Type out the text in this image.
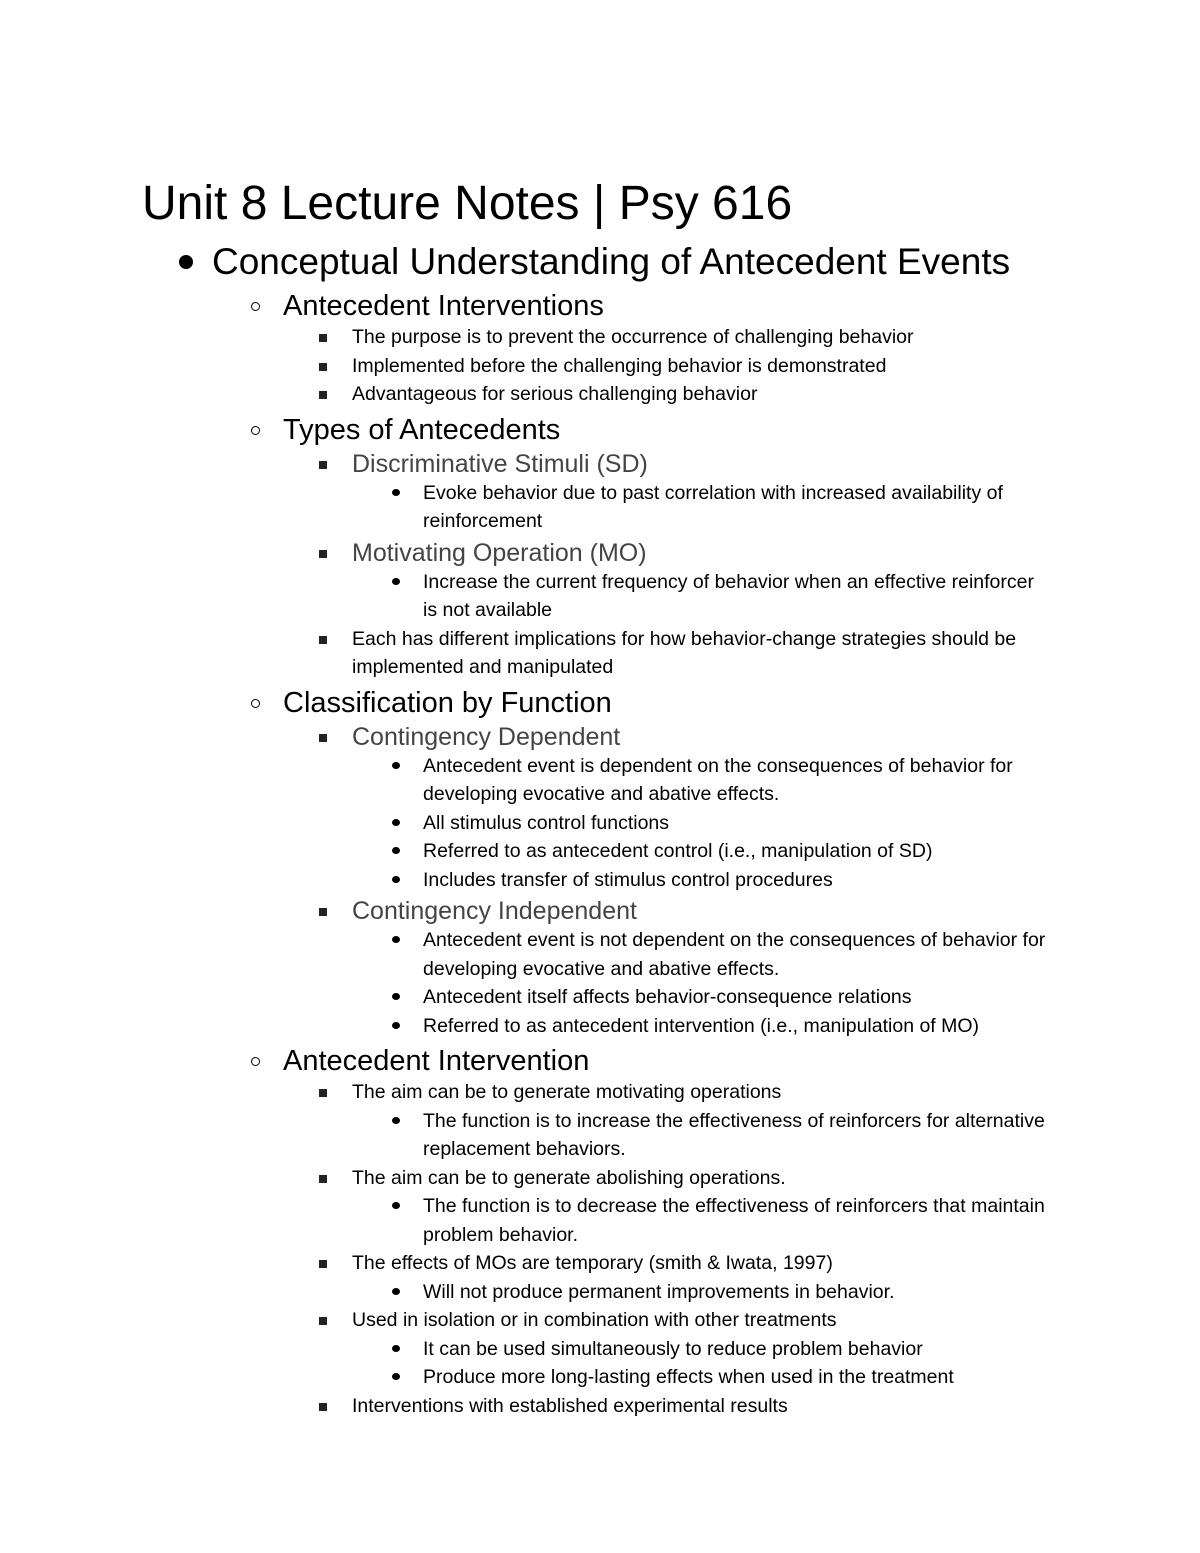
Unit 8 Lecture Notes | Psy 616
Conceptual Understanding of Antecedent Events
Antecedent Interventions
The purpose is to prevent the occurrence of challenging behavior
Implemented before the challenging behavior is demonstrated
Advantageous for serious challenging behavior
Types of Antecedents
Discriminative Stimuli (SD)
Evoke behavior due to past correlation with increased availability of reinforcement
Motivating Operation (MO)
Increase the current frequency of behavior when an effective reinforcer is not available
Each has different implications for how behavior-change strategies should be implemented and manipulated
Classification by Function
Contingency Dependent
Antecedent event is dependent on the consequences of behavior for developing evocative and abative effects.
All stimulus control functions
Referred to as antecedent control (i.e., manipulation of SD)
Includes transfer of stimulus control procedures
Contingency Independent
Antecedent event is not dependent on the consequences of behavior for developing evocative and abative effects.
Antecedent itself affects behavior-consequence relations
Referred to as antecedent intervention (i.e., manipulation of MO)
Antecedent Intervention
The aim can be to generate motivating operations
The function is to increase the effectiveness of reinforcers for alternative replacement behaviors.
The aim can be to generate abolishing operations.
The function is to decrease the effectiveness of reinforcers that maintain problem behavior.
The effects of MOs are temporary (smith & Iwata, 1997)
Will not produce permanent improvements in behavior.
Used in isolation or in combination with other treatments
It can be used simultaneously to reduce problem behavior
Produce more long-lasting effects when used in the treatment
Interventions with established experimental results
